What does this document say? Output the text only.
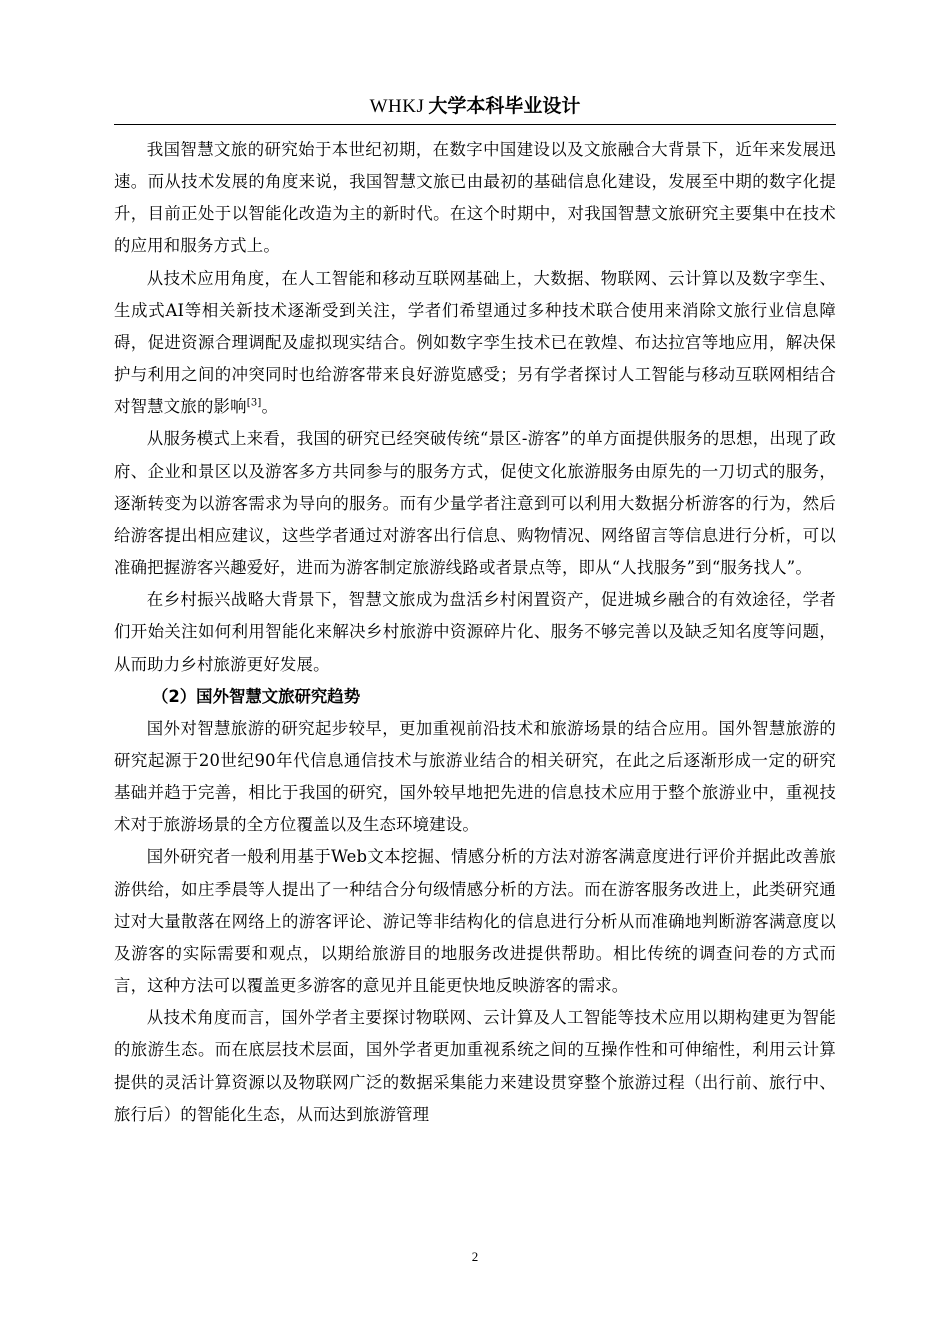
WHKJ 大学本科毕业设计

我国智慧文旅的研究始于本世纪初期，在数字中国建设以及文旅融合大背景下，近年来发展迅速。而从技术发展的角度来说，我国智慧文旅已由最初的基础信息化建设，发展至中期的数字化提升，目前正处于以智能化改造为主的新时代。在这个时期中，对我国智慧文旅研究主要集中在技术的应用和服务方式上。

从技术应用角度，在人工智能和移动互联网基础上，大数据、物联网、云计算以及数字孪生、生成式AI等相关新技术逐渐受到关注，学者们希望通过多种技术联合使用来消除文旅行业信息障碍，促进资源合理调配及虚拟现实结合。例如数字孪生技术已在敦煌、布达拉宫等地应用，解决保护与利用之间的冲突同时也给游客带来良好游览感受；另有学者探讨人工智能与移动互联网相结合对智慧文旅的影响[3]。

从服务模式上来看，我国的研究已经突破传统“景区-游客”的单方面提供服务的思想，出现了政府、企业和景区以及游客多方共同参与的服务方式，促使文化旅游服务由原先的一刀切式的服务，逐渐转变为以游客需求为导向的服务。而有少量学者注意到可以利用大数据分析游客的行为，然后给游客提出相应建议，这些学者通过对游客出行信息、购物情况、网络留言等信息进行分析，可以准确把握游客兴趣爱好，进而为游客制定旅游线路或者景点等，即从“人找服务”到“服务找人”。

在乡村振兴战略大背景下，智慧文旅成为盘活乡村闲置资产，促进城乡融合的有效途径，学者们开始关注如何利用智能化来解决乡村旅游中资源碎片化、服务不够完善以及缺乏知名度等问题，从而助力乡村旅游更好发展。

（2）国外智慧文旅研究趋势

国外对智慧旅游的研究起步较早，更加重视前沿技术和旅游场景的结合应用。国外智慧旅游的研究起源于20世纪90年代信息通信技术与旅游业结合的相关研究，在此之后逐渐形成一定的研究基础并趋于完善，相比于我国的研究，国外较早地把先进的信息技术应用于整个旅游业中，重视技术对于旅游场景的全方位覆盖以及生态环境建设。

国外研究者一般利用基于Web文本挖掘、情感分析的方法对游客满意度进行评价并据此改善旅游供给，如庄季晨等人提出了一种结合分句级情感分析的方法。而在游客服务改进上，此类研究通过对大量散落在网络上的游客评论、游记等非结构化的信息进行分析从而准确地判断游客满意度以及游客的实际需要和观点，以期给旅游目的地服务改进提供帮助。相比传统的调查问卷的方式而言，这种方法可以覆盖更多游客的意见并且能更快地反映游客的需求。

从技术角度而言，国外学者主要探讨物联网、云计算及人工智能等技术应用以期构建更为智能的旅游生态。而在底层技术层面，国外学者更加重视系统之间的互操作性和可伸缩性，利用云计算提供的灵活计算资源以及物联网广泛的数据采集能力来建设贯穿整个旅游过程（出行前、旅行中、旅行后）的智能化生态，从而达到旅游管理

2
